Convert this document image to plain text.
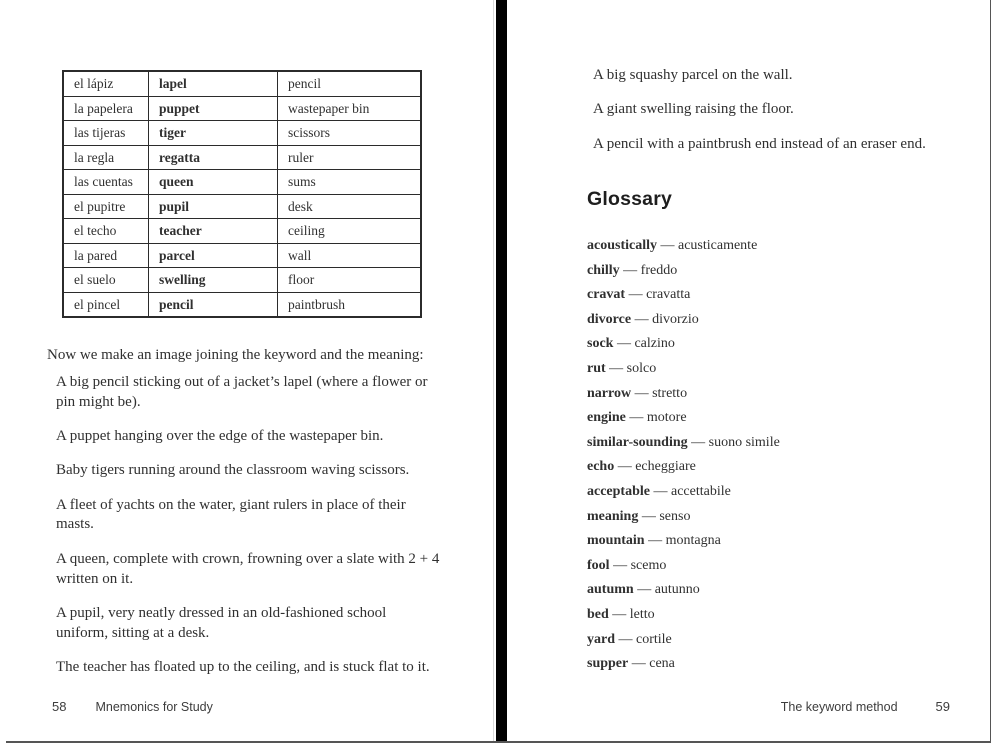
el lápiz	lapel	pencil
la papelera	puppet	wastepaper bin
las tijeras	tiger	scissors
la regla	regatta	ruler
las cuentas	queen	sums
el pupitre	pupil	desk
el techo	teacher	ceiling
la pared	parcel	wall
el suelo	swelling	floor
el pincel	pencil	paintbrush

Now we make an image joining the keyword and the meaning:

A big pencil sticking out of a jacket’s lapel (where a flower or pin might be).

A puppet hanging over the edge of the wastepaper bin.

Baby tigers running around the classroom waving scissors.

A fleet of yachts on the water, giant rulers in place of their masts.

A queen, complete with crown, frowning over a slate with 2 + 4 written on it.

A pupil, very neatly dressed in an old-fashioned school uniform, sitting at a desk.

The teacher has floated up to the ceiling, and is stuck flat to it.

58 Mnemonics for Study

A big squashy parcel on the wall.

A giant swelling raising the floor.

A pencil with a paintbrush end instead of an eraser end.

Glossary
acoustically — acusticamente
chilly — freddo
cravat — cravatta
divorce — divorzio
sock — calzino
rut — solco
narrow — stretto
engine — motore
similar-sounding — suono simile
echo — echeggiare
acceptable — accettabile
meaning — senso
mountain — montagna
fool — scemo
autumn — autunno
bed — letto
yard — cortile
supper — cena
The keyword method	59
